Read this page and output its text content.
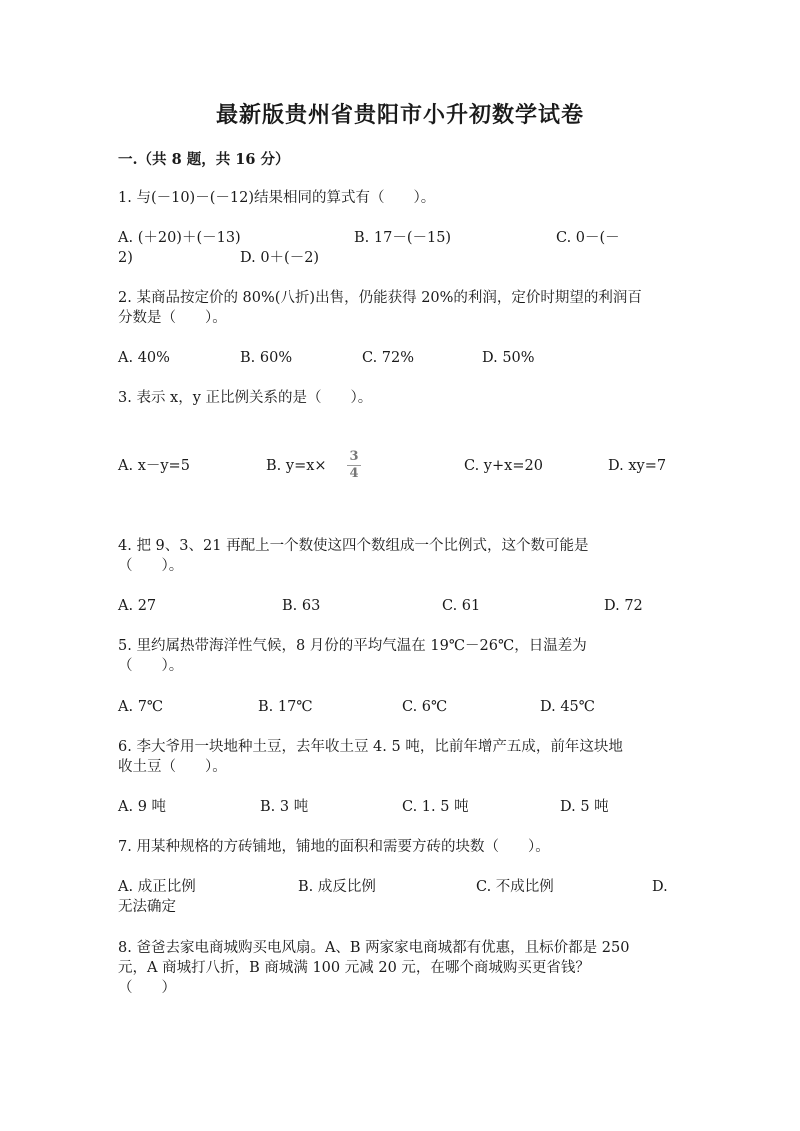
最新版贵州省贵阳市小升初数学试卷
一.（共 8 题，共 16 分）
1. 与(－10)－(－12)结果相同的算式有（　　）。
A. (＋20)＋(－13)	B. 17－(－15)	C. 0－(－
2)	D. 0＋(－2)
2. 某商品按定价的 80%(八折)出售，仍能获得 20%的利润，定价时期望的利润百
分数是（　　）。
A. 40%	B. 60%	C. 72%	D. 50%
3. 表示 x，y 正比例关系的是（　　）。
A. x－y=5	B. y=x×
3
4	C. y+x=20	D. xy=7
4. 把 9、3、21 再配上一个数使这四个数组成一个比例式，这个数可能是
（　　）。
A. 27	B. 63	C. 61	D. 72
5. 里约属热带海洋性气候，8 月份的平均气温在 19℃－26℃，日温差为
（　　）。
A. 7℃	B. 17℃	C. 6℃	D. 45℃
6. 李大爷用一块地种土豆，去年收土豆 4. 5 吨，比前年增产五成，前年这块地
收土豆（　　）。
A. 9 吨	B. 3 吨	C. 1. 5 吨	D. 5 吨
7. 用某种规格的方砖铺地，铺地的面积和需要方砖的块数（　　）。
A. 成正比例	B. 成反比例	C. 不成比例	D.
无法确定
8. 爸爸去家电商城购买电风扇。A、B 两家家电商城都有优惠，且标价都是 250
元，A 商城打八折，B 商城满 100 元减 20 元，在哪个商城购买更省钱？
（　　）
